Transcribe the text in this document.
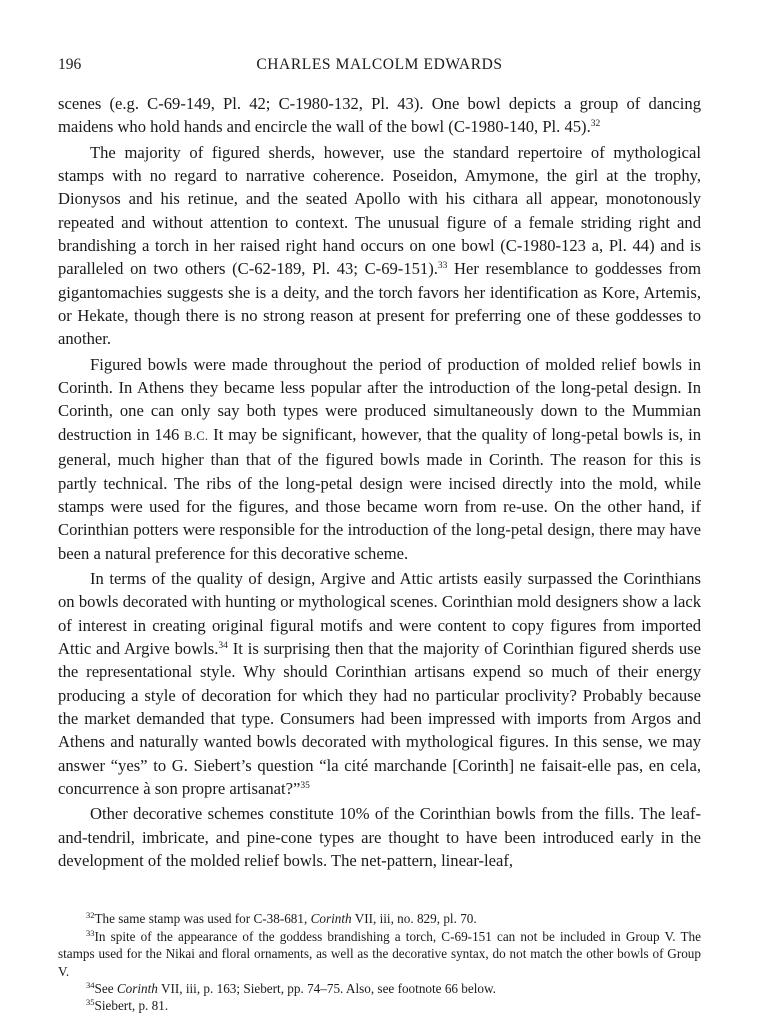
196	CHARLES MALCOLM EDWARDS

scenes (e.g. C-69-149, Pl. 42; C-1980-132, Pl. 43). One bowl depicts a group of dancing maidens who hold hands and encircle the wall of the bowl (C-1980-140, Pl. 45).$^{32}$

The majority of figured sherds, however, use the standard repertoire of mythological stamps with no regard to narrative coherence. Poseidon, Amymone, the girl at the trophy, Dionysos and his retinue, and the seated Apollo with his cithara all appear, monotonously repeated and without attention to context. The unusual figure of a female striding right and brandishing a torch in her raised right hand occurs on one bowl (C-1980-123 a, Pl. 44) and is paralleled on two others (C-62-189, Pl. 43; C-69-151).$^{33}$ Her resemblance to goddesses from gigantomachies suggests she is a deity, and the torch favors her identification as Kore, Artemis, or Hekate, though there is no strong reason at present for preferring one of these goddesses to another.

Figured bowls were made throughout the period of production of molded relief bowls in Corinth. In Athens they became less popular after the introduction of the long-petal design. In Corinth, one can only say both types were produced simultaneously down to the Mummian destruction in 146 B.C. It may be significant, however, that the quality of long-petal bowls is, in general, much higher than that of the figured bowls made in Corinth. The reason for this is partly technical. The ribs of the long-petal design were incised directly into the mold, while stamps were used for the figures, and those became worn from re-use. On the other hand, if Corinthian potters were responsible for the introduction of the long-petal design, there may have been a natural preference for this decorative scheme.

In terms of the quality of design, Argive and Attic artists easily surpassed the Corinthians on bowls decorated with hunting or mythological scenes. Corinthian mold designers show a lack of interest in creating original figural motifs and were content to copy figures from imported Attic and Argive bowls.$^{34}$ It is surprising then that the majority of Corinthian figured sherds use the representational style. Why should Corinthian artisans expend so much of their energy producing a style of decoration for which they had no particular proclivity? Probably because the market demanded that type. Consumers had been impressed with imports from Argos and Athens and naturally wanted bowls decorated with mythological figures. In this sense, we may answer “yes” to G. Siebert’s question “la cité marchande [Corinth] ne faisait-elle pas, en cela, concurrence à son propre artisanat?”$^{35}$

Other decorative schemes constitute 10% of the Corinthian bowls from the fills. The leaf-and-tendril, imbricate, and pine-cone types are thought to have been introduced early in the development of the molded relief bowls. The net-pattern, linear-leaf,

$^{32}$The same stamp was used for C-38-681, Corinth VII, iii, no. 829, pl. 70.

$^{33}$In spite of the appearance of the goddess brandishing a torch, C-69-151 can not be included in Group V. The stamps used for the Nikai and floral ornaments, as well as the decorative syntax, do not match the other bowls of Group V.

$^{34}$See Corinth VII, iii, p. 163; Siebert, pp. 74–75. Also, see footnote 66 below.

$^{35}$Siebert, p. 81.
